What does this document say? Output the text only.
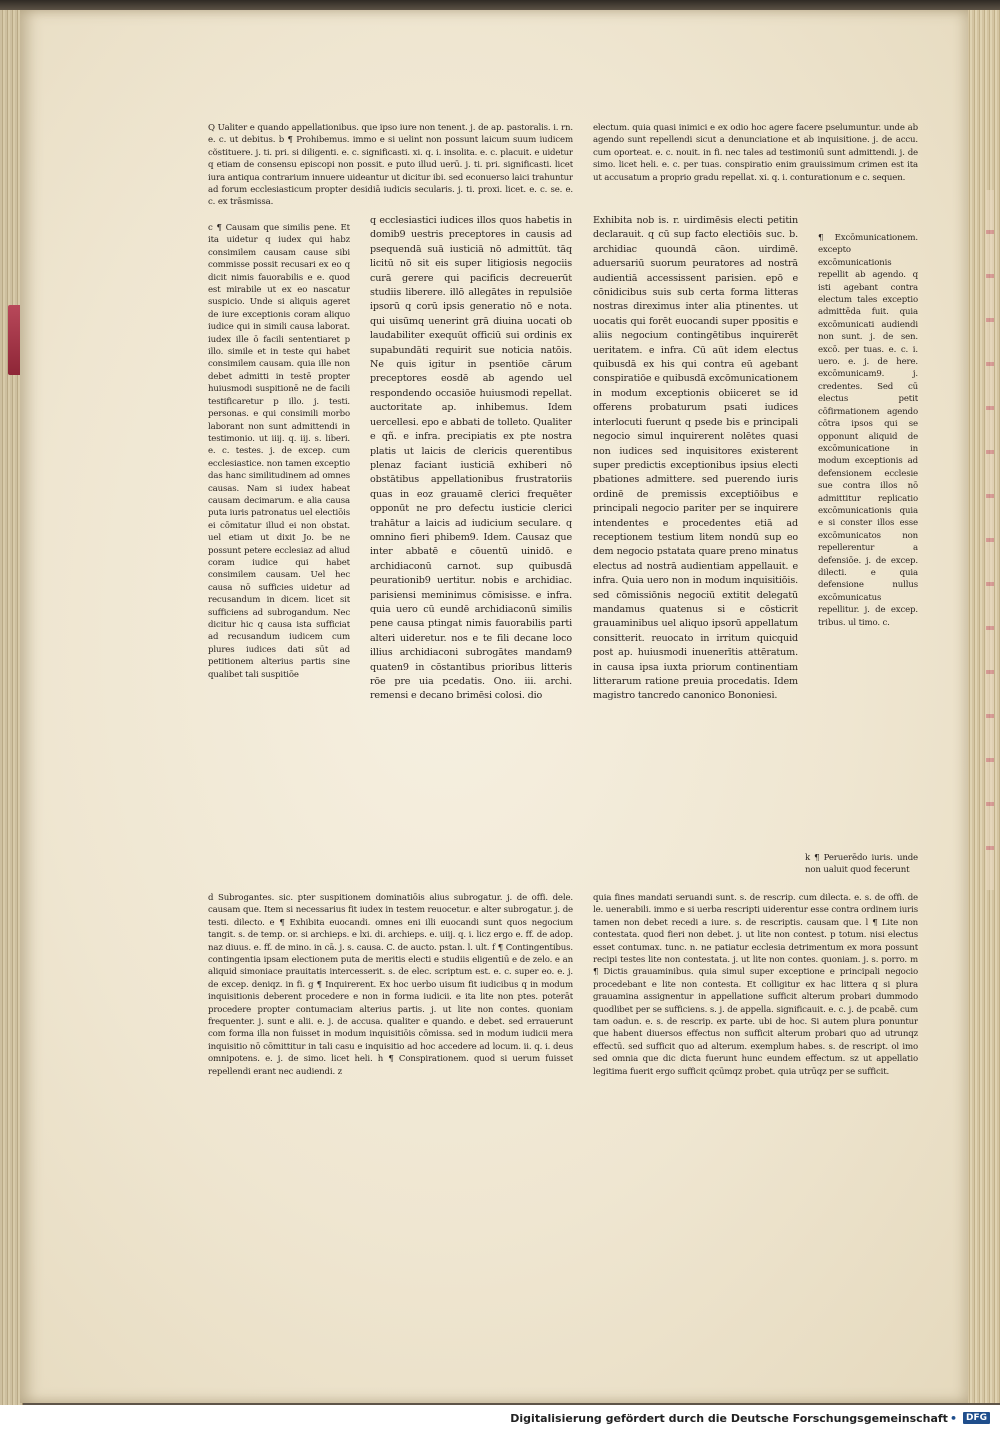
Q Ualiter e quando appellationibus. que ipso iure non tenent. j. de ap. pastoralis. i. rn. e. c. ut debitus. b ¶ Prohibemus. immo e si uelint non possunt laicum suum iudicem cõstituere. j. ti. pri. si diligenti. e. c. significasti. xi. q. i. insolita. e. c. placuit. e uidetur q etiam de consensu episcopi non possit. e puto illud uerū. j. ti. pri. significasti. licet iura antiqua contrarium innuere uideantur ut dicitur ibi. sed econuerso laici trahuntur ad forum ecclesiasticum propter desidiā iudicis secularis. j. ti. proxi. licet. e. c. se. e. c. ex trāsmissa.

c ¶ Causam que similis pene. Et ita uidetur q iudex qui habz consimilem causam cause sibi commisse possit recusari ex eo q dicit nimis fauorabilis e e. quod est mirabile ut ex eo nascatur suspicio. Unde si aliquis ageret de iure exceptionis coram aliquo iudice qui in simili causa laborat. iudex ille ō facili sententiaret p illo. simile et in teste qui habet consimilem causam. quia ille non debet admitti in testē propter huiusmodi suspitionē ne de facili testificaretur p illo. j. testi. personas. e qui consimili morbo laborant non sunt admittendi in testimonio. ut iiij. q. iij. s. liberi. e. c. testes. j. de excep. cum ecclesiastice. non tamen exceptio das hanc similitudinem ad omnes causas. Nam si iudex habeat causam decimarum. e alia causa puta iuris patronatus uel electiōis ei cōmitatur illud ei non obstat. uel etiam ut dixit Jo. be ne possunt petere ecclesiaz ad aliud coram iudice qui habet consimilem causam. Uel hec causa nō sufficies uidetur ad recusandum in dicem. licet sit sufficiens ad subrogandum. Nec dicitur hic q causa ista sufficiat ad recusandum iudicem cum plures iudices dati sūt ad petitionem alterius partis sine qualibet tali suspitiōe

q ecclesiastici iudices illos quos habetis in domib9 uestris preceptores in causis ad psequendā suā iusticiā nō admittūt. tāq licitū nō sit eis super litigiosis negociis curā gerere qui pacificis decreuerūt studiis liberere. illō allegātes in repulsiōe ipsorū q corū ipsis generatio nō e nota. qui uisūmq uenerint grā diuina uocati ob laudabiliter exequūt officiū sui ordinis ex supabundāti requirit sue noticia natōis. Ne quis igitur in psentiōe cārum preceptores eosdē ab agendo uel respondendo occasiōe huiusmodi repellat. auctoritate ap. inhibemus. Idem uercellesi. epo e abbati de tolleto. Qualiter e qñ. e infra. precipiatis ex pte nostra platis ut laicis de clericis querentibus plenaz faciant iusticiā exhiberi nō obstātibus appellationibus frustratoriis quas in eoz grauamē clerici frequēter opponūt ne pro defectu iusticie clerici trahātur a laicis ad iudicium seculare. q omnino fieri phibem9. Idem. Causaz que inter abbatē e cōuentū uinidō. e archidiaconū carnot. sup quibusdā peurationib9 uertitur. nobis e archidiac. parisiensi meminimus cōmisisse. e infra. quia uero cū eundē archidiaconū similis pene causa ptingat nimis fauorabilis parti alteri uideretur. nos e te fili decane loco illius archidiaconi subrogātes mandam9 quaten9 in cōstantibus prioribus litteris rōe pre uia pcedatis. Ono. iii. archi. remensi e decano brimēsi colosi. dio

electum. quia quasi inimici e ex odio hoc agere facere pselumuntur. unde ab agendo sunt repellendi sicut a denunciatione et ab inquisitione. j. de accu. cum oporteat. e. c. nouit. in fi. nec tales ad testimoniū sunt admittendi. j. de simo. licet heli. e. c. per tuas. conspiratio enim grauissimum crimen est ita ut accusatum a proprio gradu repellat. xi. q. i. conturationum e c. sequen.

Exhibita nob is. r. uirdimēsis electi petitin declarauit. q cū sup facto electiōis suc. b. archidiac quoundā cāon. uirdimē. aduersariū suorum peuratores ad nostrā audientiā accessissent parisien. epō e cōnidicibus suis sub certa forma litteras nostras direximus inter alia ptinentes. ut uocatis qui forēt euocandi super ppositis e aliis negocium contingētibus inquirerēt ueritatem. e infra. Cū aūt idem electus quibusdā ex his qui contra eū agebant conspiratiōe e quibusdā excōmunicationem in modum exceptionis obiiceret se id offerens probaturum psati iudices interlocuti fuerunt q psede bis e principali negocio simul inquirerent nolētes quasi non iudices sed inquisitores existerent super predictis exceptionibus ipsius electi pbationes admittere. sed puerendo iuris ordinē de premissis exceptiōibus e principali negocio pariter per se inquirere intendentes e procedentes etiā ad receptionem testium litem nondū sup eo dem negocio pstatata quare preno minatus electus ad nostrā audientiam appellauit. e infra. Quia uero non in modum inquisitiōis. sed cōmissiōnis negociū extitit delegatū mandamus quatenus si e cōsticrit grauaminibus uel aliquo ipsorū appellatum consitterit. reuocato in irritum quicquid post ap. huiusmodi inuenerītis attēratum. in causa ipsa iuxta priorum continentiam litterarum ratione preuia procedatis. Idem magistro tancredo canonico Bononiesi.

¶ Excōmunicationem. excepto excōmunicationis repellit ab agendo. q isti agebant contra electum tales exceptio admittēda fuit. quia excōmunicati audiendi non sunt. j. de sen. excō. per tuas. e. c. i. uero. e. j. de here. excōmunicam9. j. credentes. Sed cū electus petit cōfirmationem agendo cōtra ipsos qui se opponunt aliquid de excōmunicatione in modum exceptionis ad defensionem ecclesie sue contra illos nō admittitur replicatio excōmunicationis quia e si conster illos esse excōmunicatos non repellerentur a defensiōe. j. de excep. dilecti. e quia defensione nullus excōmunicatus repellitur. j. de excep. tribus. ul timo. c.

k ¶ Peruerēdo iuris. unde non ualuit quod fecerunt

d Subrogantes. sic. pter suspitionem dominatiōis alius subrogatur. j. de offi. dele. causam que. Item si necessarius fit iudex in testem reuocetur. e alter subrogatur. j. de testi. dilecto. e ¶ Exhibita euocandi. omnes eni illi euocandi sunt quos negocium tangit. s. de temp. or. si archieps. e lxi. di. archieps. e. uiij. q. i. licz ergo e. ff. de adop. naz diuus. e. ff. de mino. in cā. j. s. causa. C. de aucto. pstan. l. ult. f ¶ Contingentibus. contingentia ipsam electionem puta de meritis electi e studiis eligentiū e de zelo. e an aliquid simoniace prauitatis intercesserit. s. de elec. scriptum est. e. c. super eo. e. j. de excep. deniqz. in fi. g ¶ Inquirerent. Ex hoc uerbo uisum fit iudicibus q in modum inquisitionis deberent procedere e non in forma iudicii. e ita lite non ptes. poterāt procedere propter contumaciam alterius partis. j. ut lite non contes. quoniam frequenter. j. sunt e alii. e. j. de accusa. qualiter e quando. e debet. sed errauerunt com forma illa non fuisset in modum inquisitiōis cōmissa. sed in modum iudicii mera inquisitio nō cōmittitur in tali casu e inquisitio ad hoc accedere ad locum. ii. q. i. deus omnipotens. e. j. de simo. licet heli. h ¶ Conspirationem. quod si uerum fuisset repellendi erant nec audiendi. z

quia fines mandati seruandi sunt. s. de rescrip. cum dilecta. e. s. de offi. de le. uenerabili. immo e si uerba rescripti uiderentur esse contra ordinem iuris tamen non debet recedi a iure. s. de rescriptis. causam que. l ¶ Lite non contestata. quod fieri non debet. j. ut lite non contest. p totum. nisi electus esset contumax. tunc. n. ne patiatur ecclesia detrimentum ex mora possunt recipi testes lite non contestata. j. ut lite non contes. quoniam. j. s. porro. m ¶ Dictis grauaminibus. quia simul super exceptione e principali negocio procedebant e lite non contesta. Et colligitur ex hac littera q si plura grauamina assignentur in appellatione sufficit alterum probari dummodo quodlibet per se sufficiens. s. j. de appella. significauit. e. c. j. de pcabē. cum tam oadun. e. s. de rescrip. ex parte. ubi de hoc. Si autem plura ponuntur que habent diuersos effectus non sufficit alterum probari quo ad utrunqz effectū. sed sufficit quo ad alterum. exemplum habes. s. de rescript. ol imo sed omnia que dic dicta fuerunt hunc eundem effectum. sz ut appellatio legitima fuerit ergo sufficit qcūmqz probet. quia utrūqz per se sufficit.

Digitalisierung gefördert durch die Deutsche Forschungsgemeinschaft •	DFG
